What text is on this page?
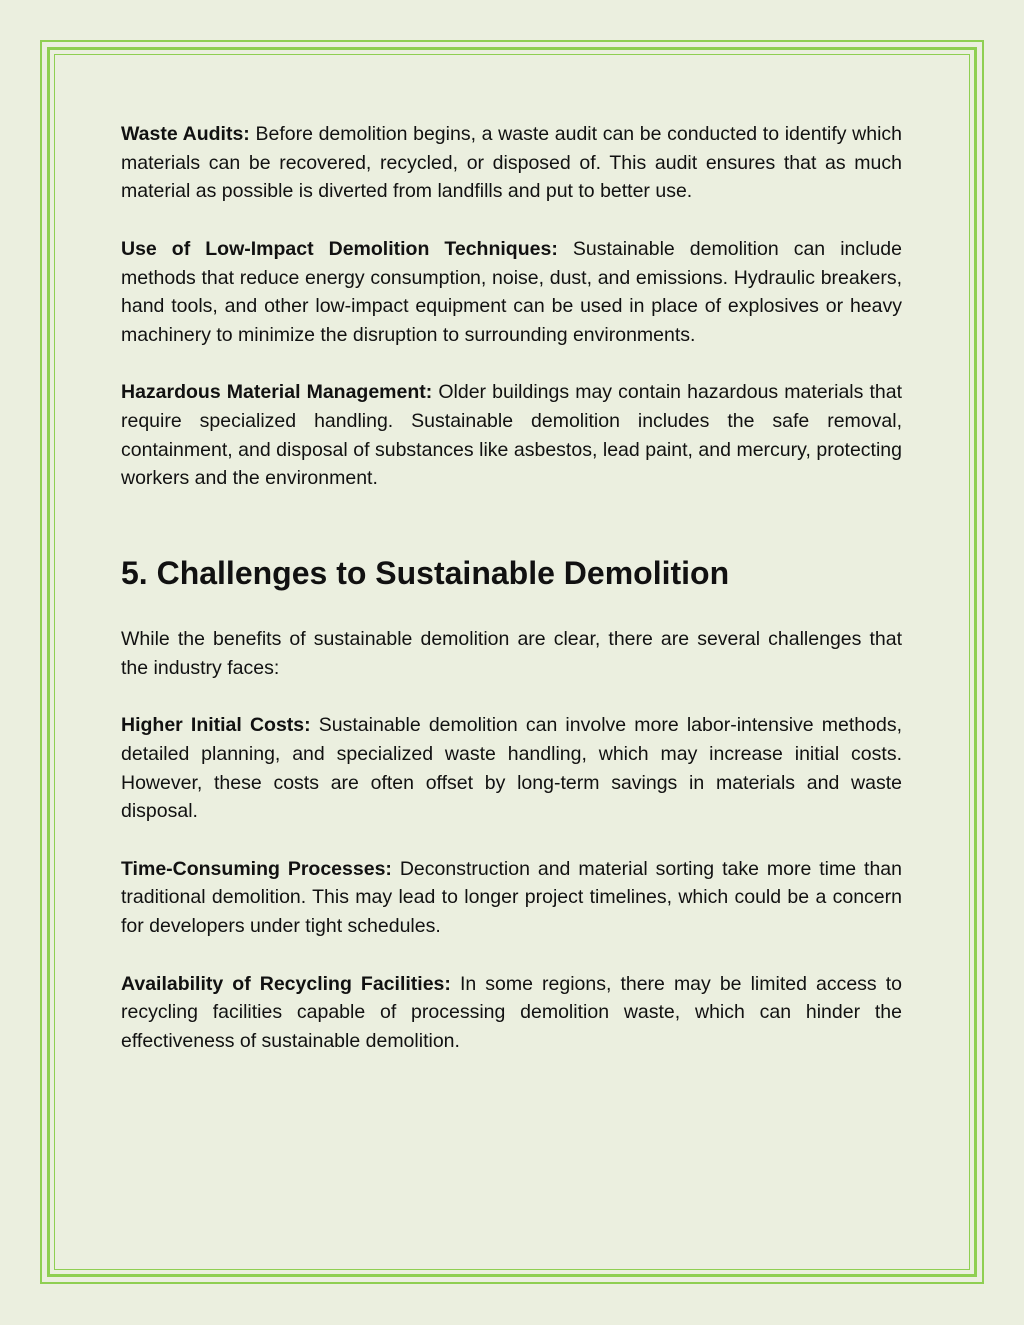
Waste Audits: Before demolition begins, a waste audit can be conducted to identify which materials can be recovered, recycled, or disposed of. This audit ensures that as much material as possible is diverted from landfills and put to better use.

Use of Low-Impact Demolition Techniques: Sustainable demolition can include methods that reduce energy consumption, noise, dust, and emissions. Hydraulic breakers, hand tools, and other low-impact equipment can be used in place of explosives or heavy machinery to minimize the disruption to surrounding environments.

Hazardous Material Management: Older buildings may contain hazardous materials that require specialized handling. Sustainable demolition includes the safe removal, containment, and disposal of substances like asbestos, lead paint, and mercury, protecting workers and the environment.

5. Challenges to Sustainable Demolition

While the benefits of sustainable demolition are clear, there are several challenges that the industry faces:

Higher Initial Costs: Sustainable demolition can involve more labor-intensive methods, detailed planning, and specialized waste handling, which may increase initial costs. However, these costs are often offset by long-term savings in materials and waste disposal.

Time-Consuming Processes: Deconstruction and material sorting take more time than traditional demolition. This may lead to longer project timelines, which could be a concern for developers under tight schedules.

Availability of Recycling Facilities: In some regions, there may be limited access to recycling facilities capable of processing demolition waste, which can hinder the effectiveness of sustainable demolition.
